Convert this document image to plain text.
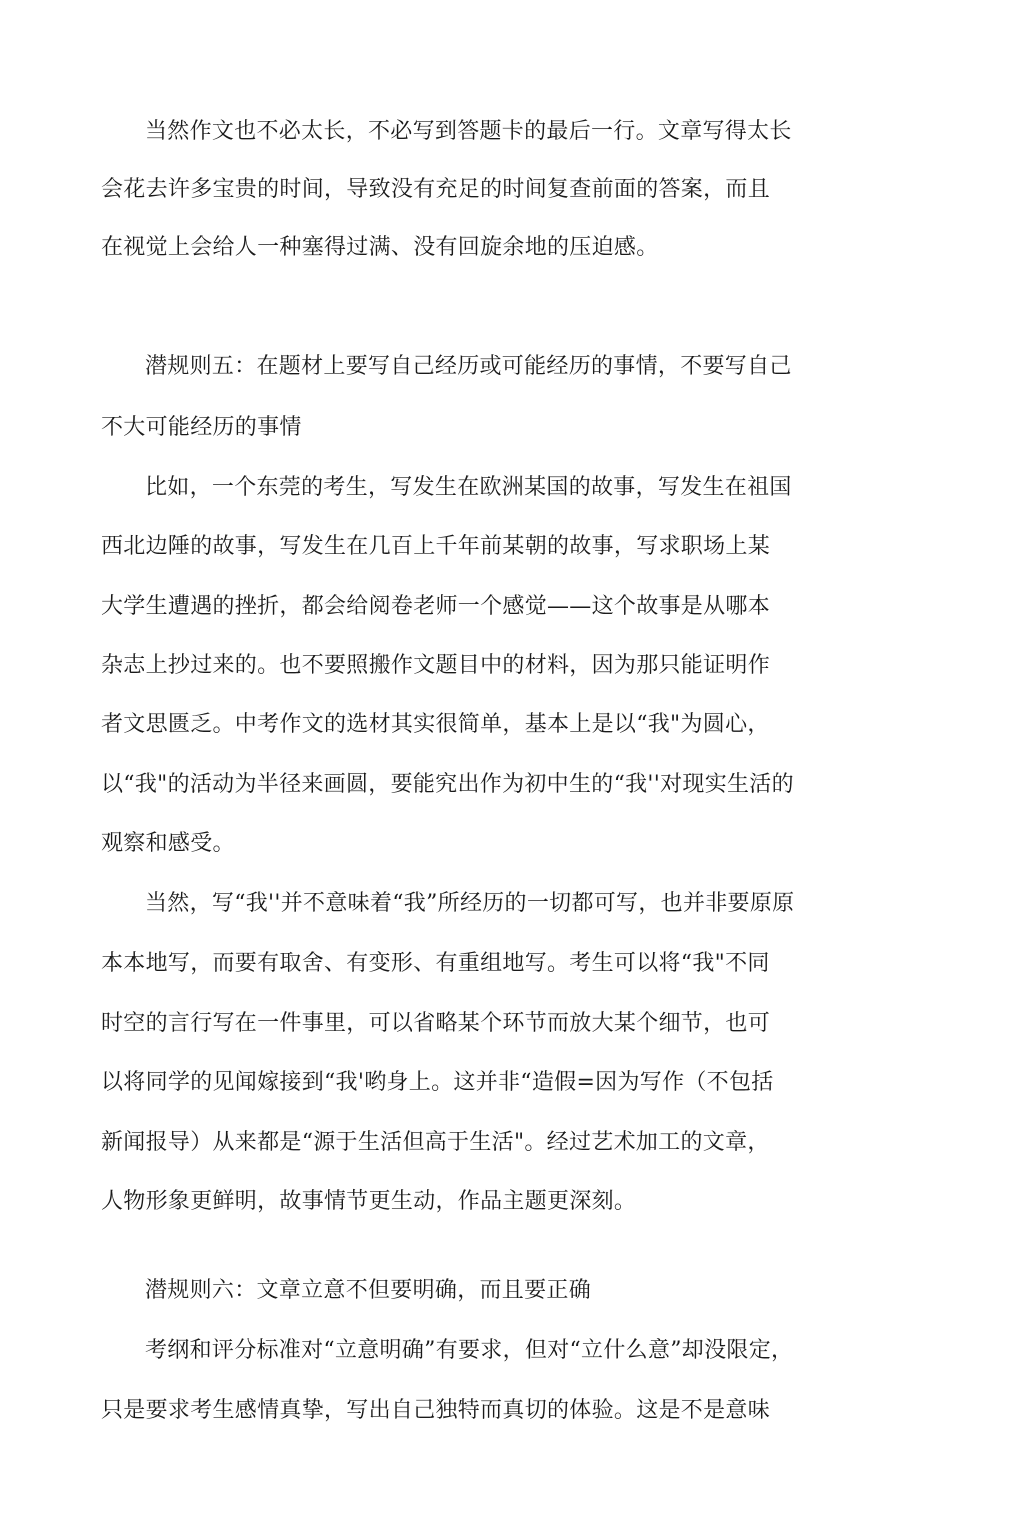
当然作文也不必太长，不必写到答题卡的最后一行。文章写得太长
会花去许多宝贵的时间，导致没有充足的时间复查前面的答案，而且
在视觉上会给人一种塞得过满、没有回旋余地的压迫感。
潜规则五：在题材上要写自己经历或可能经历的事情，不要写自己
不大可能经历的事情
比如，一个东莞的考生，写发生在欧洲某国的故事，写发生在祖国
西北边陲的故事，写发生在几百上千年前某朝的故事，写求职场上某
大学生遭遇的挫折，都会给阅卷老师一个感觉——这个故事是从哪本
杂志上抄过来的。也不要照搬作文题目中的材料，因为那只能证明作
者文思匮乏。中考作文的选材其实很简单，基本上是以“我"为圆心，
以“我"的活动为半径来画圆，要能究出作为初中生的“我''对现实生活的
观察和感受。
当然，写“我''并不意味着“我”所经历的一切都可写，也并非要原原
本本地写，而要有取舍、有变形、有重组地写。考生可以将“我"不同
时空的言行写在一件事里，可以省略某个环节而放大某个细节，也可
以将同学的见闻嫁接到“我'哟身上。这并非“造假=因为写作（不包括
新闻报导）从来都是“源于生活但高于生活"。经过艺术加工的文章，
人物形象更鲜明，故事情节更生动，作品主题更深刻。
潜规则六：文章立意不但要明确，而且要正确
考纲和评分标准对“立意明确”有要求，但对“立什么意”却没限定，
只是要求考生感情真挚，写出自己独特而真切的体验。这是不是意味
